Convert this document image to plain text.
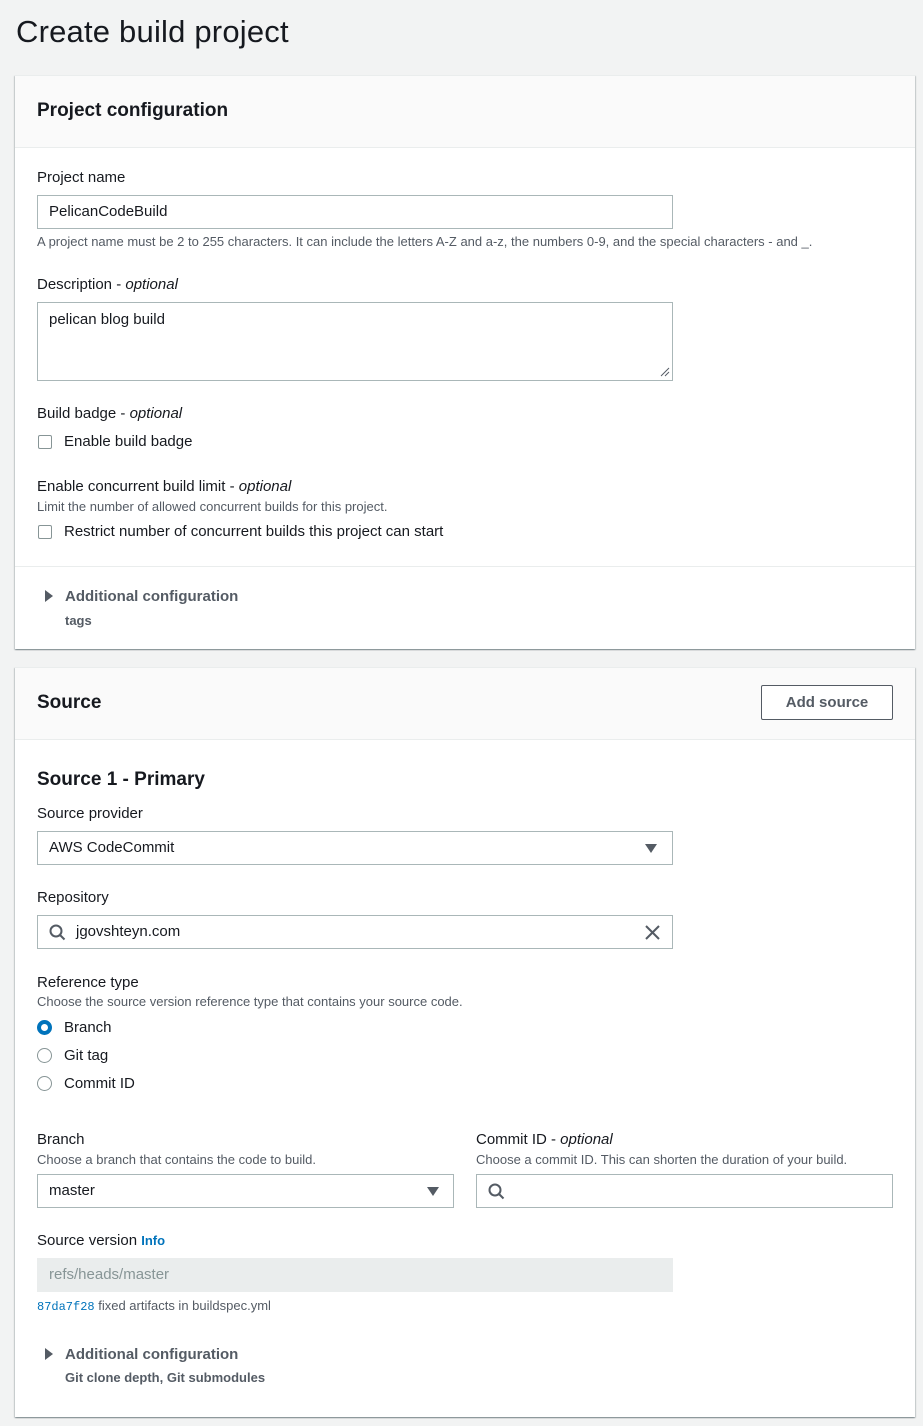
Create build project
Project configuration
Project name
PelicanCodeBuild
A project name must be 2 to 255 characters. It can include the letters A-Z and a-z, the numbers 0-9, and the special characters - and _.
Description - optional
pelican blog build
Build badge - optional
Enable build badge
Enable concurrent build limit - optional
Limit the number of allowed concurrent builds for this project.
Restrict number of concurrent builds this project can start
Additional configuration
tags
Source	Add source
Source 1 - Primary
Source provider
AWS CodeCommit
Repository
jgovshteyn.com
Reference type
Choose the source version reference type that contains your source code.
Branch
Git tag
Commit ID
Branch
Choose a branch that contains the code to build.
master
Commit ID - optional
Choose a commit ID. This can shorten the duration of your build.
Source version Info
refs/heads/master
87da7f28 fixed artifacts in buildspec.yml
Additional configuration
Git clone depth, Git submodules
